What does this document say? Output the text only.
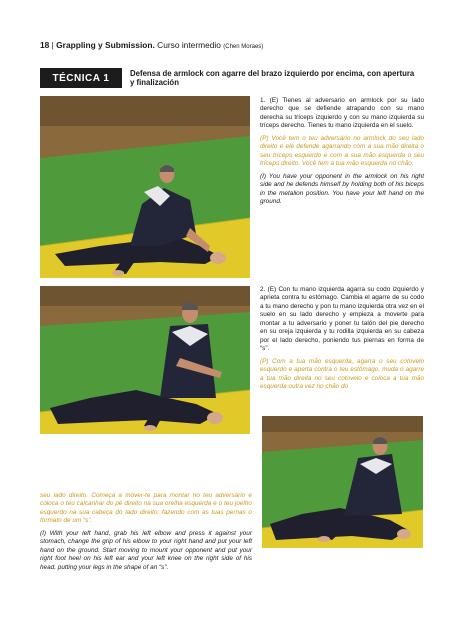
18 | Grappling y Submission. Curso intermedio (Chen Moraes)
TÉCNICA 1	Defensa de armlock con agarre del brazo izquierdo por encima, con apertura y finalización

1. (E) Tienes al adversario en armlock por su lado derecho que se defiende atrapando con su mano derecha su tríceps izquierdo y con su mano izquierda su tríceps derecho. Tienes tu mano izquierda en el suelo.

(P) Você tem o teu adversário no armlock do seu lado direito e ele defende agarrando com a sua mão direita o seu tríceps esquerdo e com a sua mão esquerda o seu tríceps direito. Você tem a tua mão esquerda no chão.

(I) You have your opponent in the armlock on his right side and he defends himself by holding both of his biceps in the metalion position. You have your left hand on the ground.

2. (E) Con tu mano izquierda agarra su codo izquierdo y aprieta contra tu estómago. Cambia el agarre de su codo a tu mano derecho y pon tu mano izquierda otra vez en el suelo en su lado derecho y empieza a moverte para montar a tu adversario y poner tu talón del pie derecho en su oreja izquierda y tu rodilla izquierda en su cabeza por el lado derecho, poniendo tus piernas en forma de “s”.

(P) Com a tua mão esquerda, agarra o seu cotovelo esquerdo e aperta contra o teu estômago, muda o agarre a tua mão direita no seu cotovelo e coloca a tua mão esquerda outra vez no chão do

seu lado direito. Começa a mover-te para montar no teu adversário e coloca o teu calcanhar do pé direito na sua orelha esquerda e o teu joelho esquerdo na sua cabeça do lado direito, fazendo com as tuas pernas o formato de um “s”.

(I) With your left hand, grab his left elbow and press it against your stomach, change the grip of his elbow to your right hand and put your left hand on the ground. Start moving to mount your opponent and put your right foot heel on his left ear and your left knee on the right side of his head, putting your legs in the shape of an “s”.
